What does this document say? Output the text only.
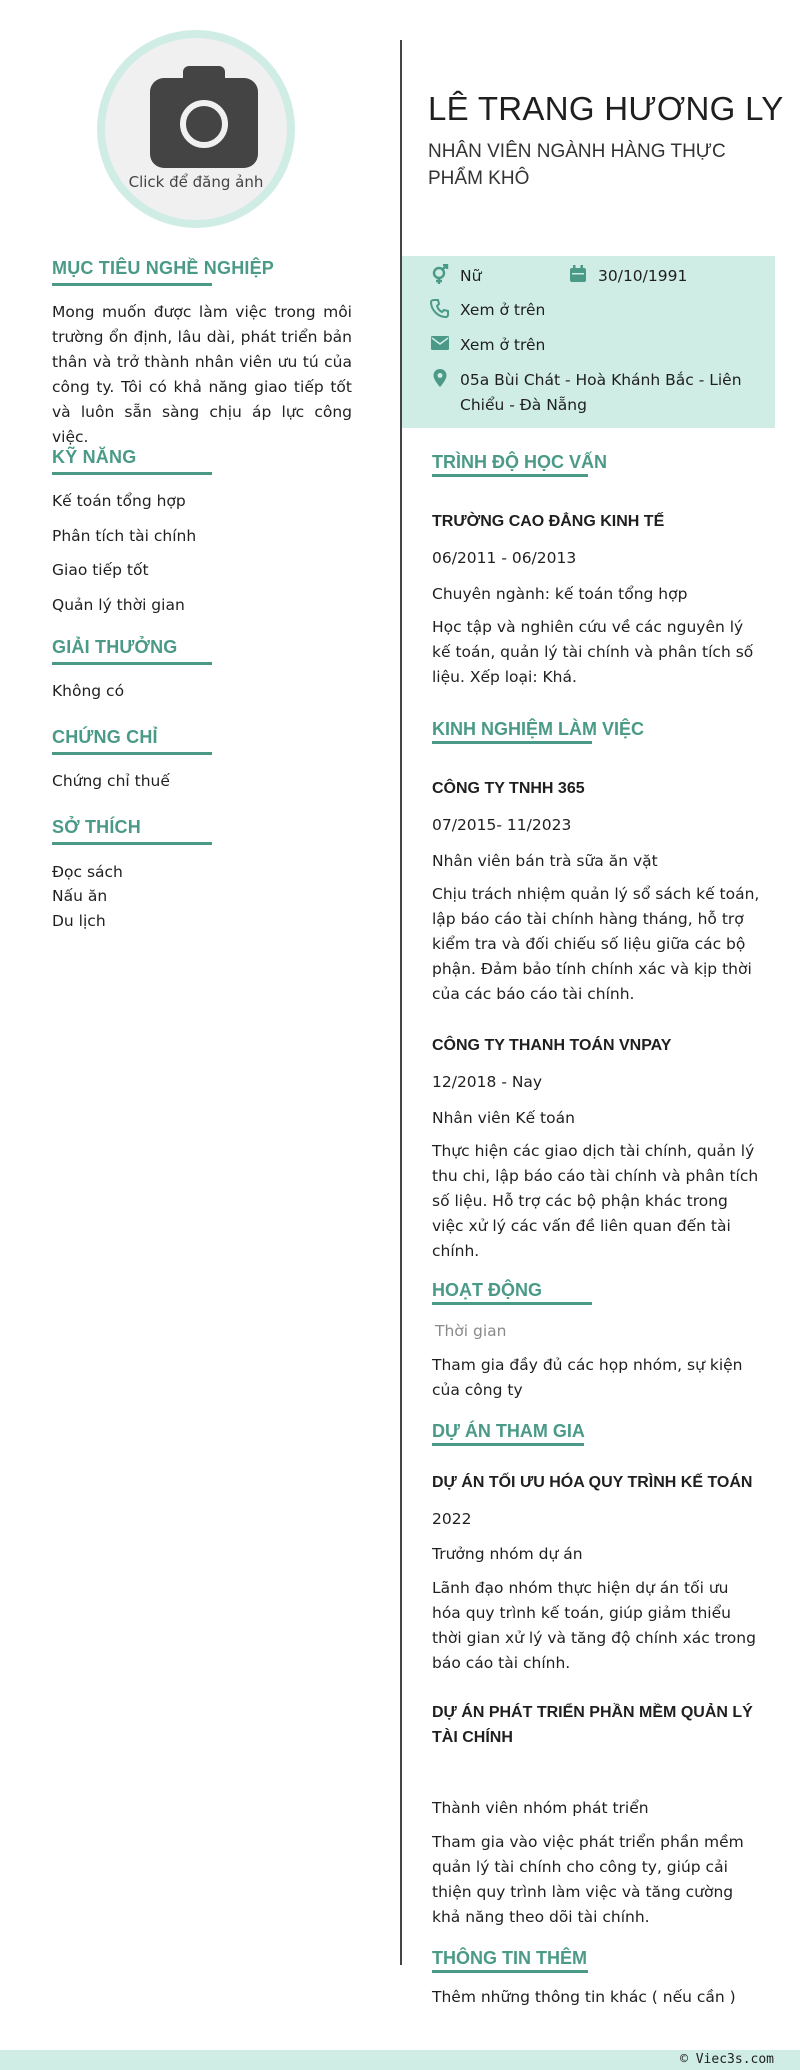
Click để đăng ảnh
MỤC TIÊU NGHỀ NGHIỆP
Mong muốn được làm việc trong môi trường ổn định, lâu dài, phát triển bản thân và trở thành nhân viên ưu tú của công ty. Tôi có khả năng giao tiếp tốt và luôn sẵn sàng chịu áp lực công việc.
KỸ NĂNG
Kế toán tổng hợp
Phân tích tài chính
Giao tiếp tốt
Quản lý thời gian
GIẢI THƯỞNG
Không có
CHỨNG CHỈ
Chứng chỉ thuế
SỞ THÍCH
Đọc sách
Nấu ăn
Du lịch
LÊ TRANG HƯƠNG LY
NHÂN VIÊN NGÀNH HÀNG THỰC PHẨM KHÔ
Nữ	30/10/1991
Xem ở trên
Xem ở trên
05a Bùi Chát - Hoà Khánh Bắc - Liên Chiểu - Đà Nẵng
TRÌNH ĐỘ HỌC VẤN
TRƯỜNG CAO ĐẲNG KINH TẾ
06/2011 - 06/2013
Chuyên ngành: kế toán tổng hợp
Học tập và nghiên cứu về các nguyên lý kế toán, quản lý tài chính và phân tích số liệu. Xếp loại: Khá.
KINH NGHIỆM LÀM VIỆC
CÔNG TY TNHH 365
07/2015- 11/2023
Nhân viên bán trà sữa ăn vặt
Chịu trách nhiệm quản lý sổ sách kế toán, lập báo cáo tài chính hàng tháng, hỗ trợ kiểm tra và đối chiếu số liệu giữa các bộ phận. Đảm bảo tính chính xác và kịp thời của các báo cáo tài chính.
CÔNG TY THANH TOÁN VNPAY
12/2018 - Nay
Nhân viên Kế toán
Thực hiện các giao dịch tài chính, quản lý thu chi, lập báo cáo tài chính và phân tích số liệu. Hỗ trợ các bộ phận khác trong việc xử lý các vấn đề liên quan đến tài chính.
HOẠT ĐỘNG
Thời gian
Tham gia đầy đủ các họp nhóm, sự kiện của công ty
DỰ ÁN THAM GIA
DỰ ÁN TỐI ƯU HÓA QUY TRÌNH KẾ TOÁN
2022
Trưởng nhóm dự án
Lãnh đạo nhóm thực hiện dự án tối ưu hóa quy trình kế toán, giúp giảm thiểu thời gian xử lý và tăng độ chính xác trong báo cáo tài chính.
DỰ ÁN PHÁT TRIỂN PHẦN MỀM QUẢN LÝ TÀI CHÍNH
Thành viên nhóm phát triển
Tham gia vào việc phát triển phần mềm quản lý tài chính cho công ty, giúp cải thiện quy trình làm việc và tăng cường khả năng theo dõi tài chính.
THÔNG TIN THÊM
Thêm những thông tin khác ( nếu cần )
© Viec3s.com
